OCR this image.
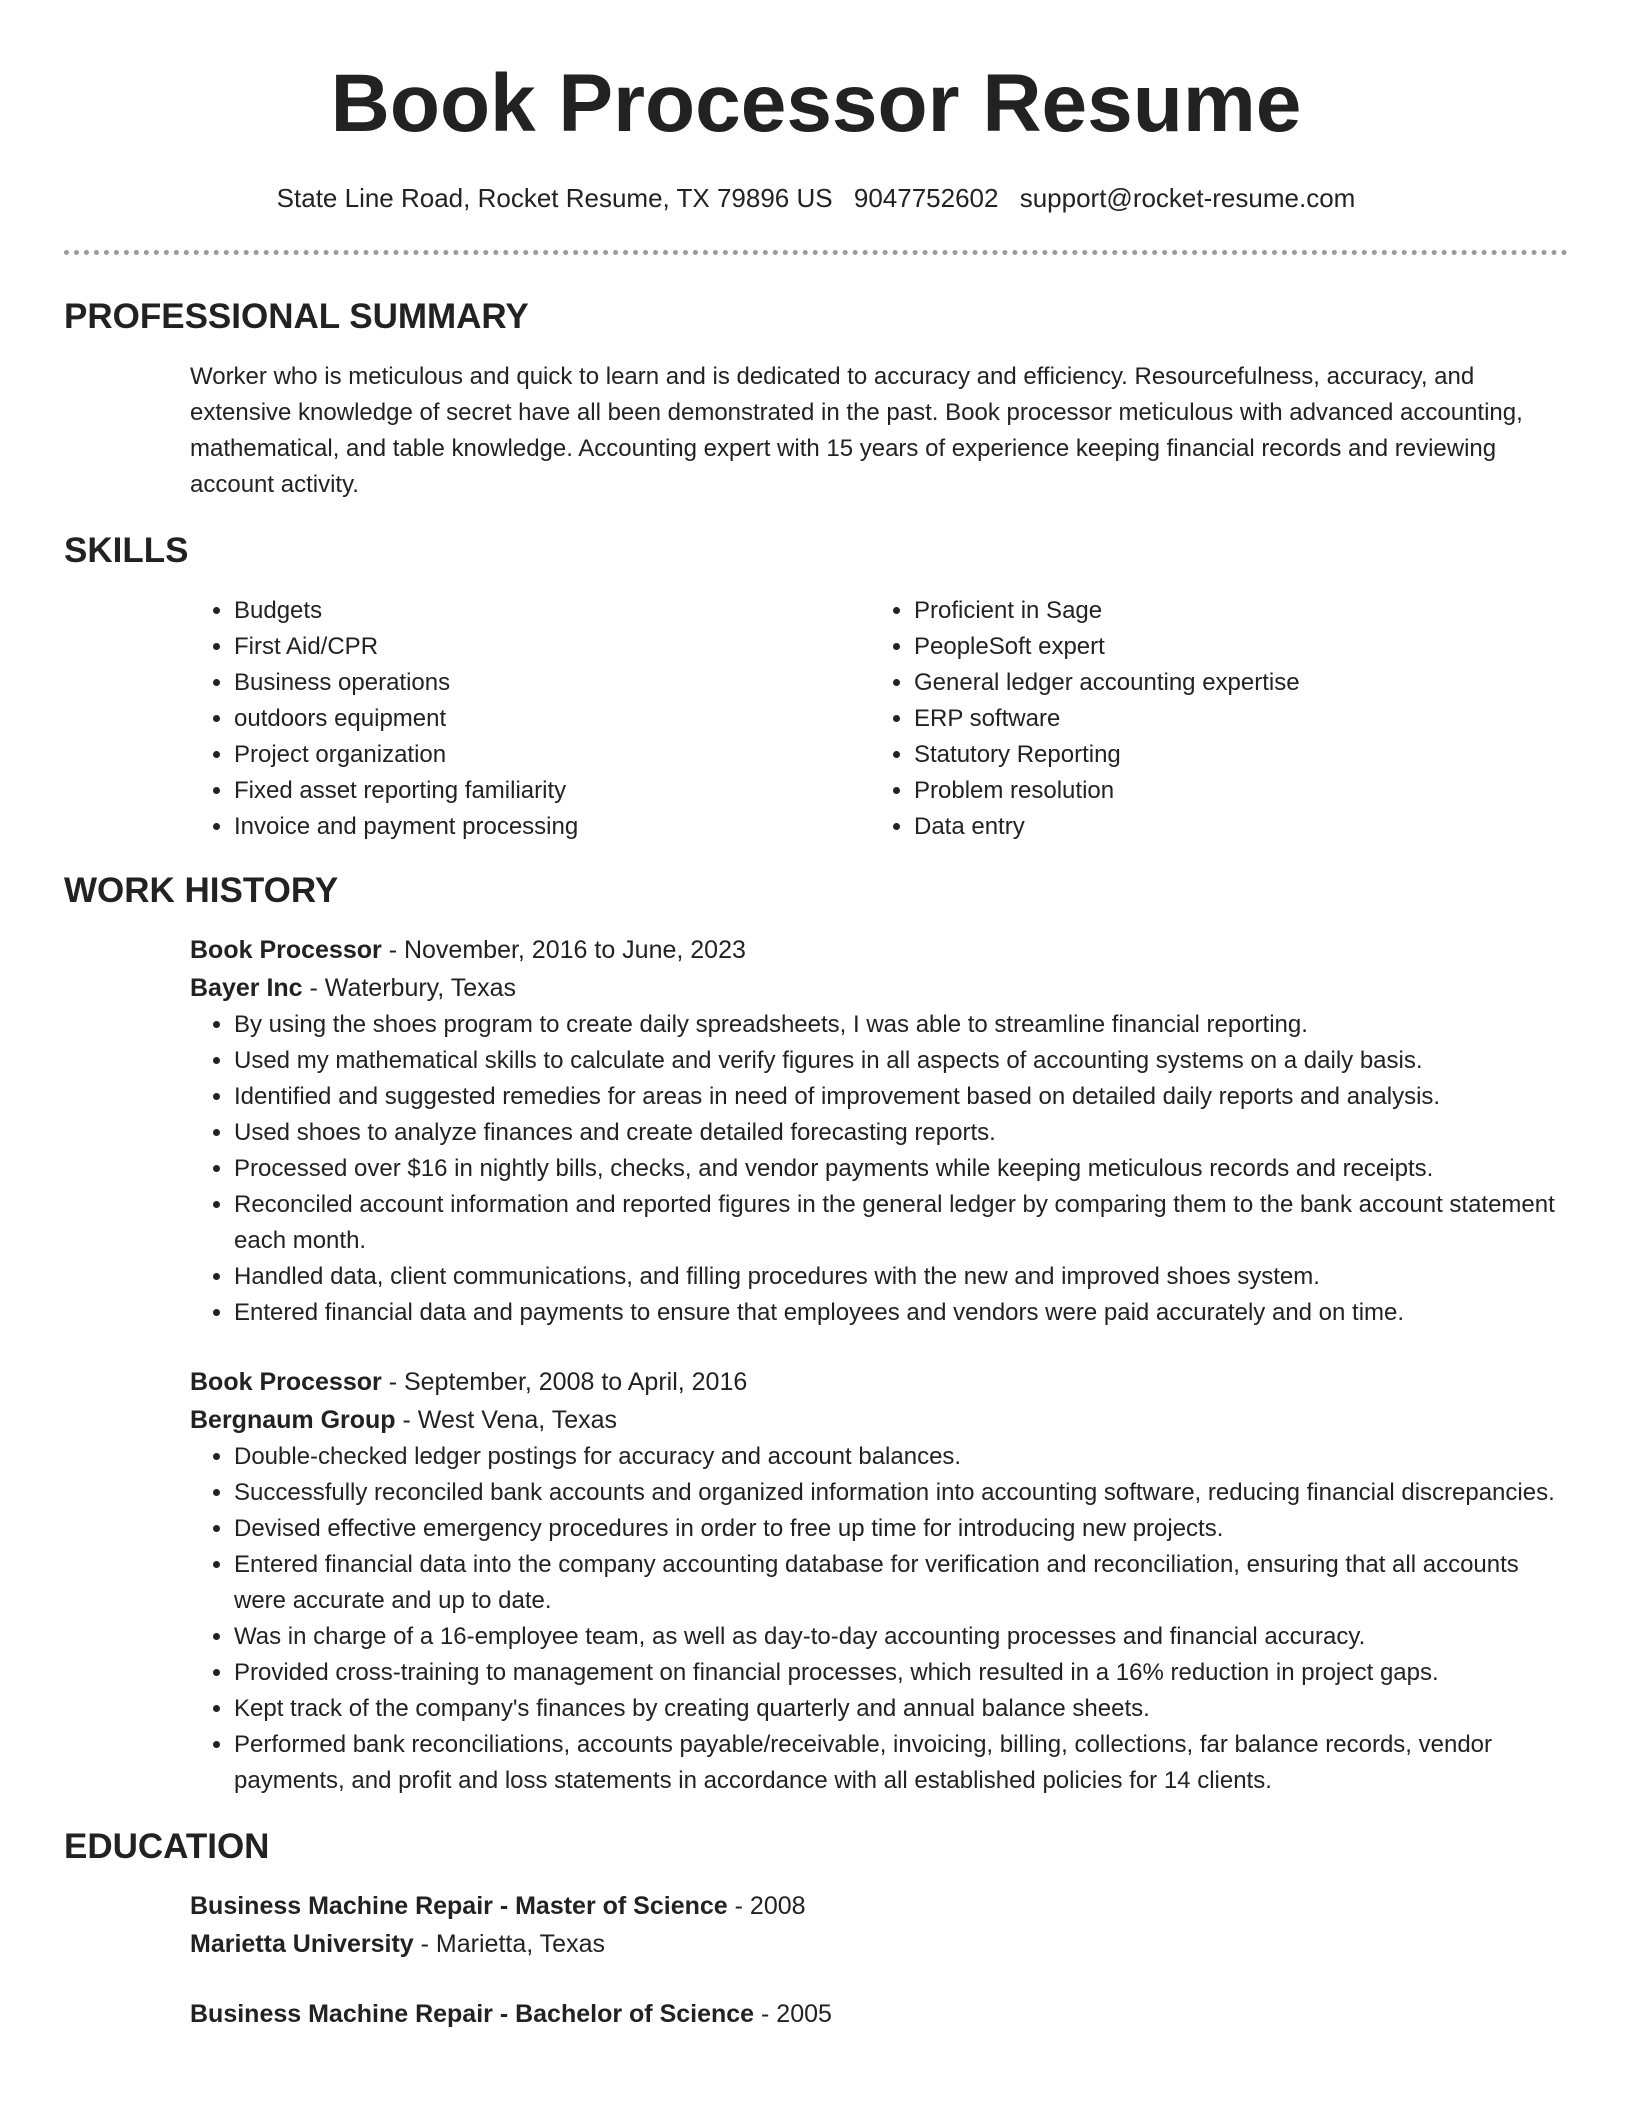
Book Processor Resume
State Line Road, Rocket Resume, TX 79896 US 9047752602 support@rocket-resume.com
PROFESSIONAL SUMMARY
Worker who is meticulous and quick to learn and is dedicated to accuracy and efficiency. Resourcefulness, accuracy, and extensive knowledge of secret have all been demonstrated in the past. Book processor meticulous with advanced accounting, mathematical, and table knowledge. Accounting expert with 15 years of experience keeping financial records and reviewing account activity.
SKILLS
• Budgets
• First Aid/CPR
• Business operations
• outdoors equipment
• Project organization
• Fixed asset reporting familiarity
• Invoice and payment processing
• Proficient in Sage
• PeopleSoft expert
• General ledger accounting expertise
• ERP software
• Statutory Reporting
• Problem resolution
• Data entry
WORK HISTORY
Book Processor - November, 2016 to June, 2023
Bayer Inc - Waterbury, Texas
• By using the shoes program to create daily spreadsheets, I was able to streamline financial reporting.
• Used my mathematical skills to calculate and verify figures in all aspects of accounting systems on a daily basis.
• Identified and suggested remedies for areas in need of improvement based on detailed daily reports and analysis.
• Used shoes to analyze finances and create detailed forecasting reports.
• Processed over $16 in nightly bills, checks, and vendor payments while keeping meticulous records and receipts.
• Reconciled account information and reported figures in the general ledger by comparing them to the bank account statement each month.
• Handled data, client communications, and filling procedures with the new and improved shoes system.
• Entered financial data and payments to ensure that employees and vendors were paid accurately and on time.
Book Processor - September, 2008 to April, 2016
Bergnaum Group - West Vena, Texas
• Double-checked ledger postings for accuracy and account balances.
• Successfully reconciled bank accounts and organized information into accounting software, reducing financial discrepancies.
• Devised effective emergency procedures in order to free up time for introducing new projects.
• Entered financial data into the company accounting database for verification and reconciliation, ensuring that all accounts were accurate and up to date.
• Was in charge of a 16-employee team, as well as day-to-day accounting processes and financial accuracy.
• Provided cross-training to management on financial processes, which resulted in a 16% reduction in project gaps.
• Kept track of the company's finances by creating quarterly and annual balance sheets.
• Performed bank reconciliations, accounts payable/receivable, invoicing, billing, collections, far balance records, vendor payments, and profit and loss statements in accordance with all established policies for 14 clients.
EDUCATION
Business Machine Repair - Master of Science - 2008
Marietta University - Marietta, Texas
Business Machine Repair - Bachelor of Science - 2005
